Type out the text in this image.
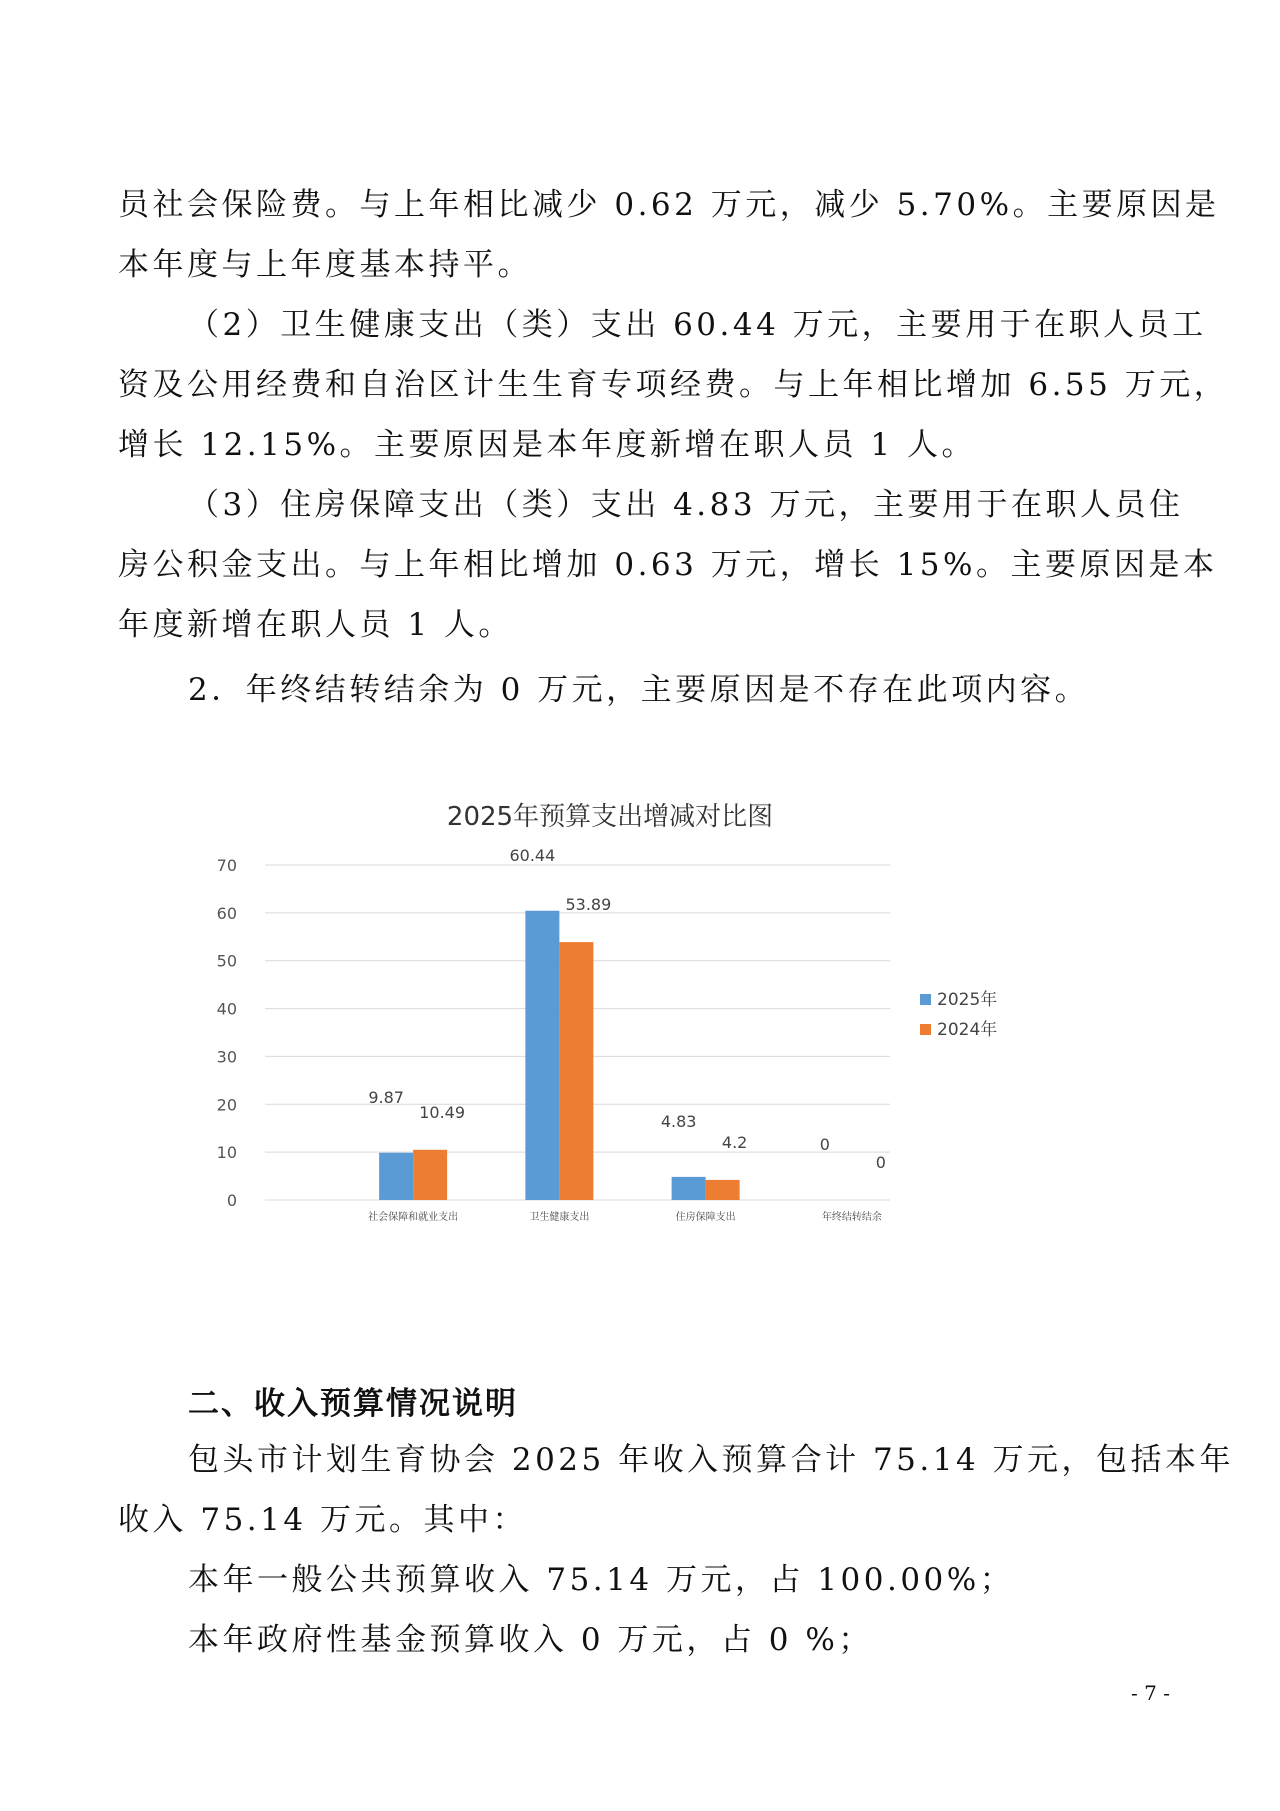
员社会保险费。与上年相比减少 0.62 万元，减少 5.70%。主要原因是
本年度与上年度基本持平。
（2）卫生健康支出（类）支出 60.44 万元，主要用于在职人员工
资及公用经费和自治区计生生育专项经费。与上年相比增加 6.55 万元，
增长 12.15%。主要原因是本年度新增在职人员 1 人。
（3）住房保障支出（类）支出 4.83 万元，主要用于在职人员住
房公积金支出。与上年相比增加 0.63 万元，增长 15%。主要原因是本
年度新增在职人员 1 人。
2．年终结转结余为 0 万元，主要原因是不存在此项内容。
2025年预算支出增减对比图
0
10
20
30
40
50
60
70
9.87
10.49
社会保障和就业支出
60.44
53.89
卫生健康支出
4.83
4.2
住房保障支出
0
0
年终结转结余
2025年
2024年
二、收入预算情况说明
包头市计划生育协会 2025 年收入预算合计 75.14 万元，包括本年
收入 75.14 万元。其中：
本年一般公共预算收入 75.14 万元，占 100.00%；
本年政府性基金预算收入 0 万元，占 0 %；
- 7 -
